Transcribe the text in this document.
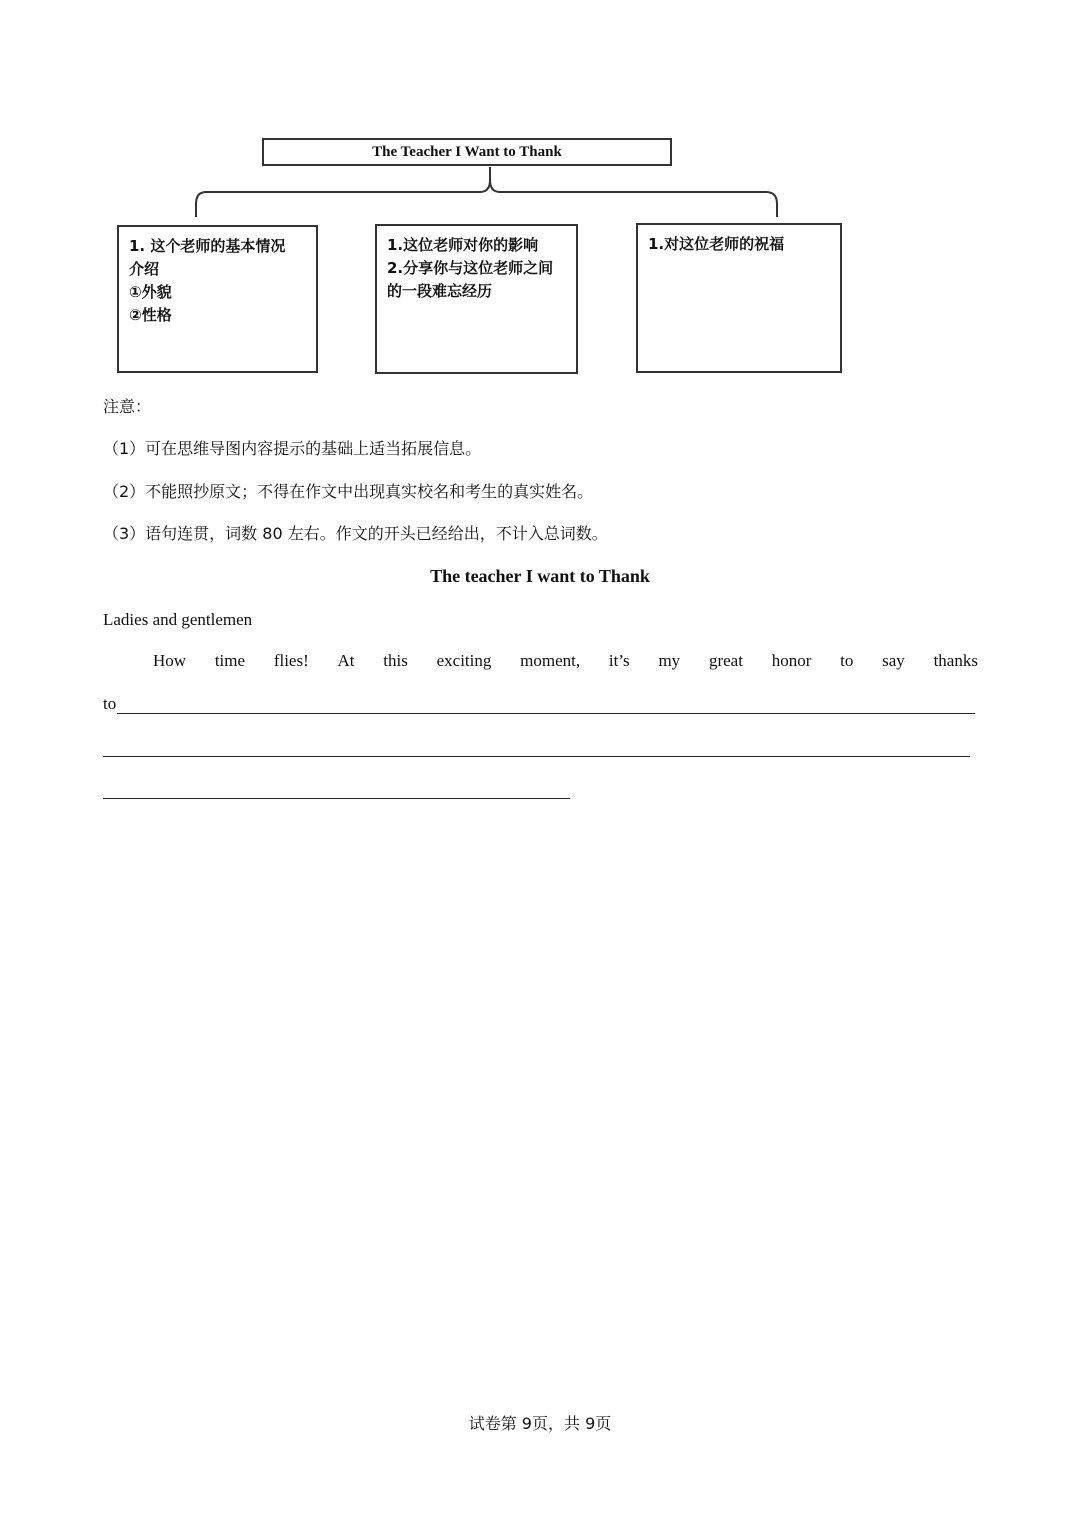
The Teacher I Want to Thank
1. 这个老师的基本情况
介绍
①外貌
②性格
1.这位老师对你的影响
2.分享你与这位老师之间
的一段难忘经历
1.对这位老师的祝福
注意：
（1）可在思维导图内容提示的基础上适当拓展信息。
（2）不能照抄原文；不得在作文中出现真实校名和考生的真实姓名。
（3）语句连贯，词数 80 左右。作文的开头已经给出，不计入总词数。
The teacher I want to Thank
Ladies and gentlemen
How time flies! At this exciting moment, it’s my great honor to say thanks
to
试卷第 9页，共 9页
